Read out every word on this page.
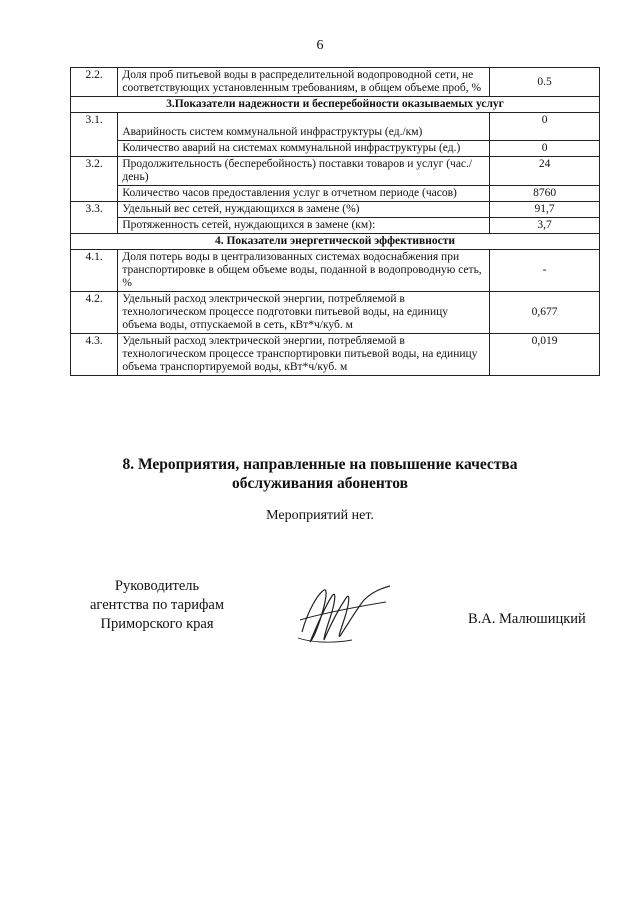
6
2.2.	Доля проб питьевой воды в распределительной водопроводной сети, не соответствующих установленным требованиям, в общем объеме проб, %	0.5
3.Показатели надежности и бесперебойности оказываемых услуг		
3.1.	Аварийность систем коммунальной инфраструктуры (ед./км)	0
	Количество аварий на системах коммунальной инфраструктуры (ед.)	0
3.2.	Продолжительность (бесперебойность) поставки товаров и услуг (час./день)	24
	Количество часов предоставления услуг в отчетном периоде (часов)	8760
3.3.	Удельный вес сетей, нуждающихся в замене (%)	91,7
	Протяженность сетей, нуждающихся в замене (км):	3,7
4. Показатели энергетической эффективности		
4.1.	Доля потерь воды в централизованных системах водоснабжения при транспортировке в общем объеме воды, поданной в водопроводную сеть, %	-
4.2.	Удельный расход электрической энергии, потребляемой в технологическом процессе подготовки питьевой воды, на единицу объема воды, отпускаемой в сеть, кВт*ч/куб. м	0,677
4.3.	Удельный расход электрической энергии, потребляемой в технологическом процессе транспортировки питьевой воды, на единицу объема транспортируемой воды, кВт*ч/куб. м	0,019
8. Мероприятия, направленные на повышение качества
обслуживания абонентов
Мероприятий нет.
Руководитель
агентства по тарифам
Приморского края	В.А. Малюшицкий
